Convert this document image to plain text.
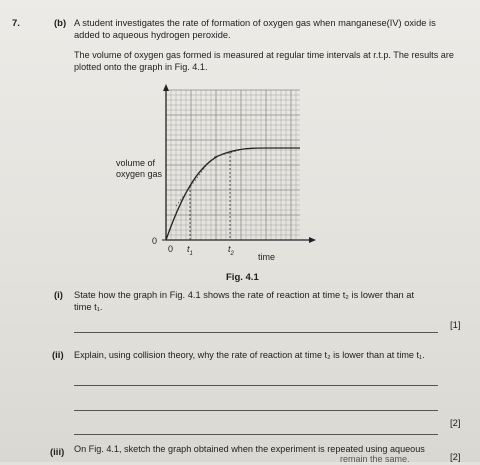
7.	(b) A student investigates the rate of formation of oxygen gas when manganese(IV) oxide is
added to aqueous hydrogen peroxide.
The volume of oxygen gas formed is measured at regular time intervals at r.t.p. The results are
plotted onto the graph in Fig. 4.1.
volume of
oxygen gas
0
0 $t_1$	$t_2$	time
Fig. 4.1
(i) State how the graph in Fig. 4.1 shows the rate of reaction at time t₂ is lower than at
time t₁.
[1]
(ii) Explain, using collision theory, why the rate of reaction at time t₂ is lower than at time t₁.
[2]
(iii) On Fig. 4.1, sketch the graph obtained when the experiment is repeated using aqueous
remain the same.	[2]
